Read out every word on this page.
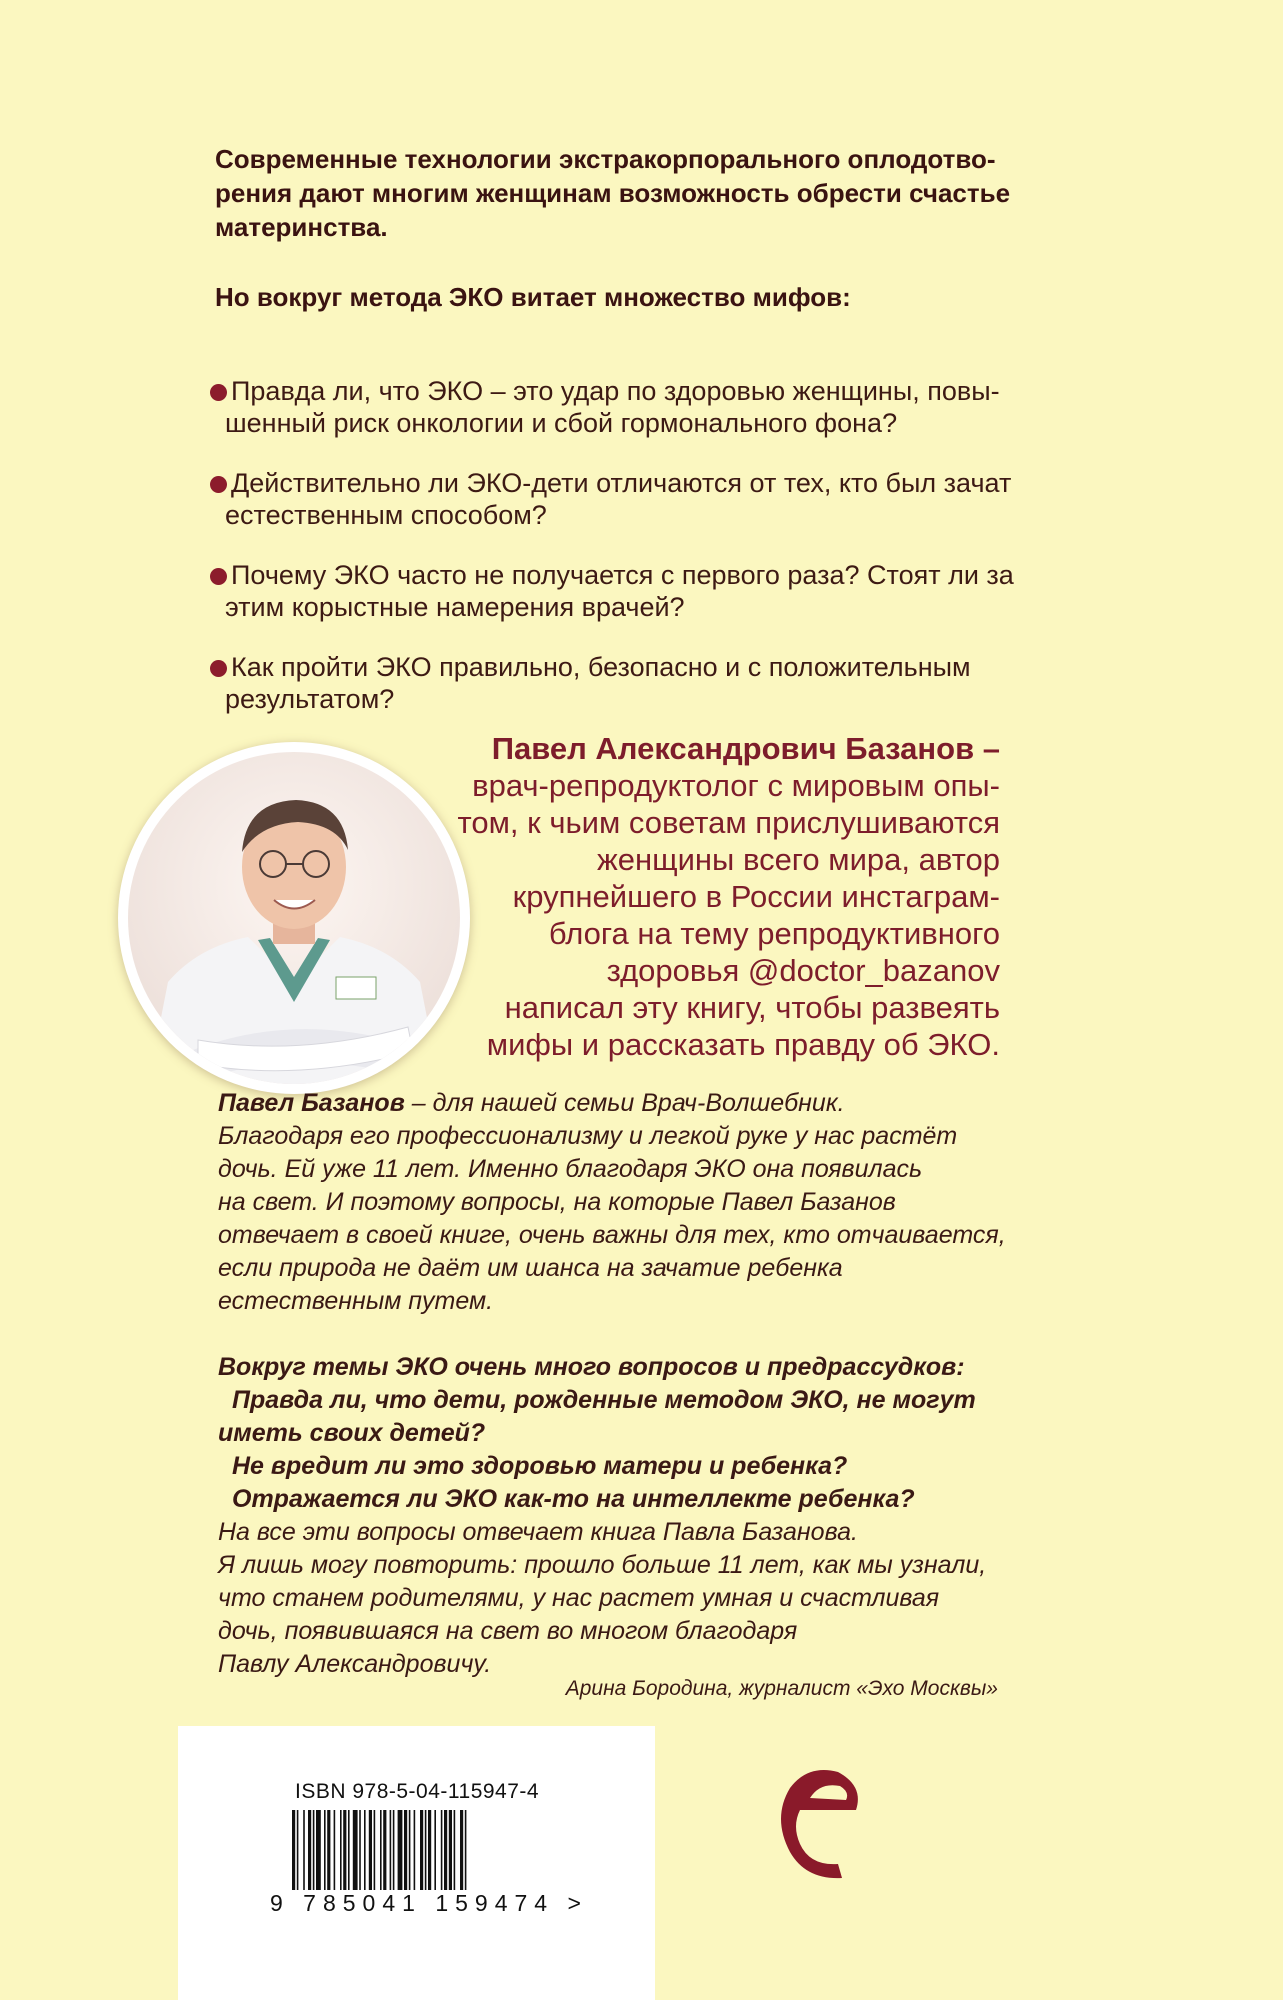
Современные технологии экстракорпорального оплодотво-

рения дают многим женщинам возможность обрести счастье

материнства.

Но вокруг метода ЭКО витает множество мифов:
Правда ли, что ЭКО – это удар по здоровью женщины, повы-
шенный риск онкологии и сбой гормонального фона?
Действительно ли ЭКО-дети отличаются от тех, кто был зачат
естественным способом?
Почему ЭКО часто не получается с первого раза? Стоят ли за
этим корыстные намерения врачей?
Как пройти ЭКО правильно, безопасно и с положительным
результатом?
Павел Александрович Базанов –
врач-репродуктолог с мировым опы-
том, к чьим советам прислушиваются
женщины всего мира, автор
крупнейшего в России инстаграм-
блога на тему репродуктивного
здоровья @doctor_bazanov
написал эту книгу, чтобы развеять
мифы и рассказать правду об ЭКО.
Павел Базанов – для нашей семьи Врач-Волшебник.
Благодаря его профессионализму и легкой руке у нас растёт
дочь. Ей уже 11 лет. Именно благодаря ЭКО она появилась
на свет. И поэтому вопросы, на которые Павел Базанов
отвечает в своей книге, очень важны для тех, кто отчаивается,
если природа не даёт им шанса на зачатие ребенка
естественным путем.
Вокруг темы ЭКО очень много вопросов и предрассудков:
Правда ли, что дети, рожденные методом ЭКО, не могут
иметь своих детей?
Не вредит ли это здоровью матери и ребенка?
Отражается ли ЭКО как-то на интеллекте ребенка?
На все эти вопросы отвечает книга Павла Базанова.
Я лишь могу повторить: прошло больше 11 лет, как мы узнали,
что станем родителями, у нас растет умная и счастливая
дочь, появившаяся на свет во многом благодаря
Павлу Александровичу.
Арина Бородина, журналист «Эхо Москвы»
ISBN 978-5-04-115947-4
9 785041 159474 >
